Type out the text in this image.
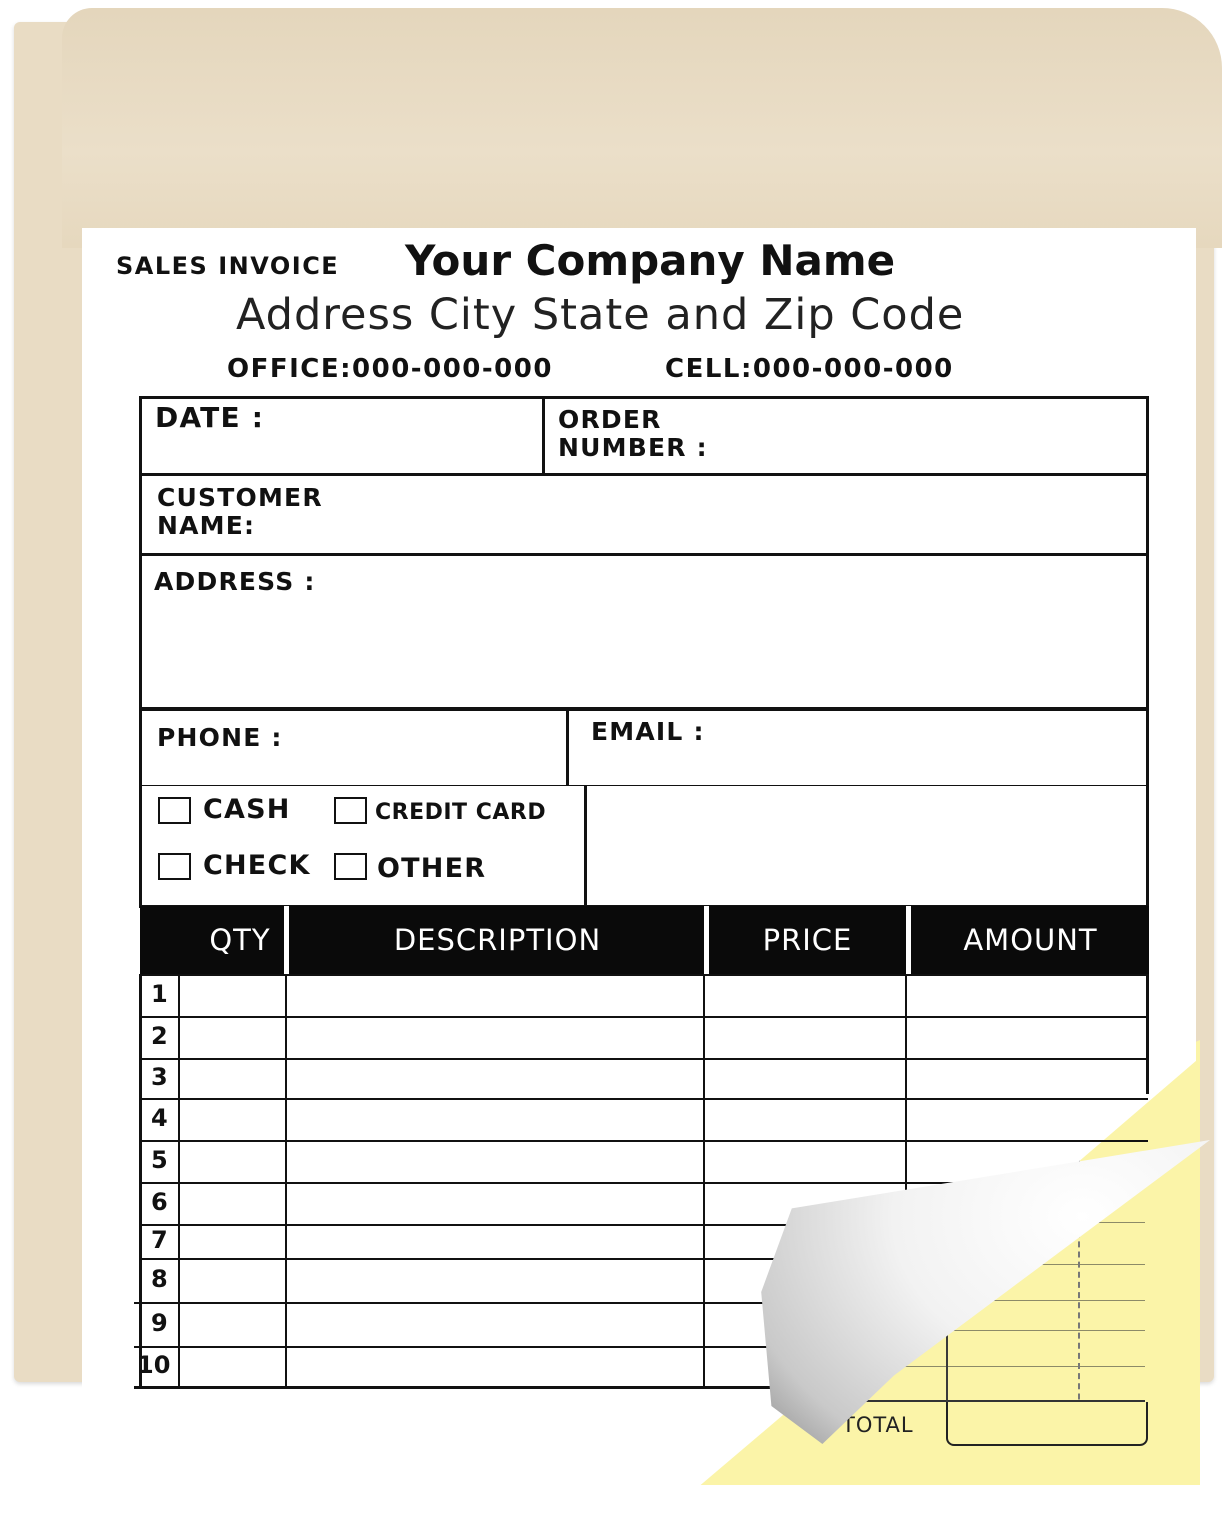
TOTAL
SALES INVOICE Your Company Name
Address City State and Zip Code
OFFICE:000-000-000	CELL:000-000-000
DATE :	ORDER
NUMBER :
CUSTOMER
NAME:
ADDRESS :
PHONE :	EMAIL :
CASH	CREDIT CARD
CHECK OTHER
QTY	DESCRIPTION	PRICE	AMOUNT
1
2
3
4
5
6
7
8
9
10
